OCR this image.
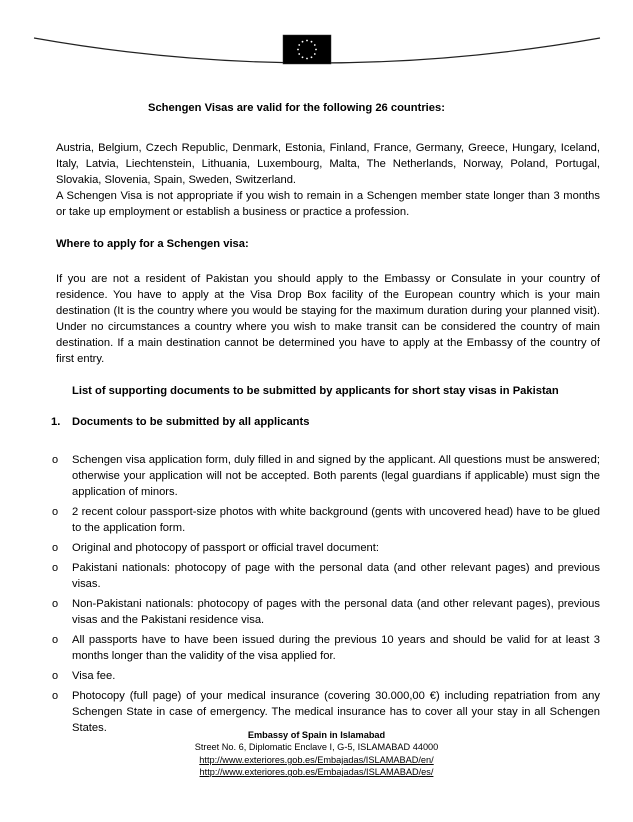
Schengen Visas are valid for the following 26 countries:

Austria, Belgium, Czech Republic, Denmark, Estonia, Finland, France, Germany, Greece, Hungary, Iceland, Italy, Latvia, Liechtenstein, Lithuania, Luxembourg, Malta, The Netherlands, Norway, Poland, Portugal, Slovakia, Slovenia, Spain, Sweden, Switzerland.

A Schengen Visa is not appropriate if you wish to remain in a Schengen member state longer than 3 months or take up employment or establish a business or practice a profession.

Where to apply for a Schengen visa:

If you are not a resident of Pakistan you should apply to the Embassy or Consulate in your country of residence. You have to apply at the Visa Drop Box facility of the European country which is your main destination (It is the country where you would be staying for the maximum duration during your planned visit). Under no circumstances a country where you wish to make transit can be considered the country of main destination. If a main destination cannot be determined you have to apply at the Embassy of the country of first entry.

List of supporting documents to be submitted by applicants for short stay visas in Pakistan

1. Documents to be submitted by all applicants
o Schengen visa application form, duly filled in and signed by the applicant. All questions must be answered; otherwise your application will not be accepted. Both parents (legal guardians if applicable) must sign the application of minors.
o 2 recent colour passport-size photos with white background (gents with uncovered head) have to be glued to the application form.
o Original and photocopy of passport or official travel document:
o Pakistani nationals: photocopy of page with the personal data (and other relevant pages) and previous visas.
o Non-Pakistani nationals: photocopy of pages with the personal data (and other relevant pages), previous visas and the Pakistani residence visa.
o All passports have to have been issued during the previous 10 years and should be valid for at least 3 months longer than the validity of the visa applied for.
o Visa fee.
o Photocopy (full page) of your medical insurance (covering 30.000,00 €) including repatriation from any Schengen State in case of emergency. The medical insurance has to cover all your stay in all Schengen States.
Embassy of Spain in Islamabad
Street No. 6, Diplomatic Enclave I, G-5, ISLAMABAD 44000
http://www.exteriores.gob.es/Embajadas/ISLAMABAD/en/
http://www.exteriores.gob.es/Embajadas/ISLAMABAD/es/
